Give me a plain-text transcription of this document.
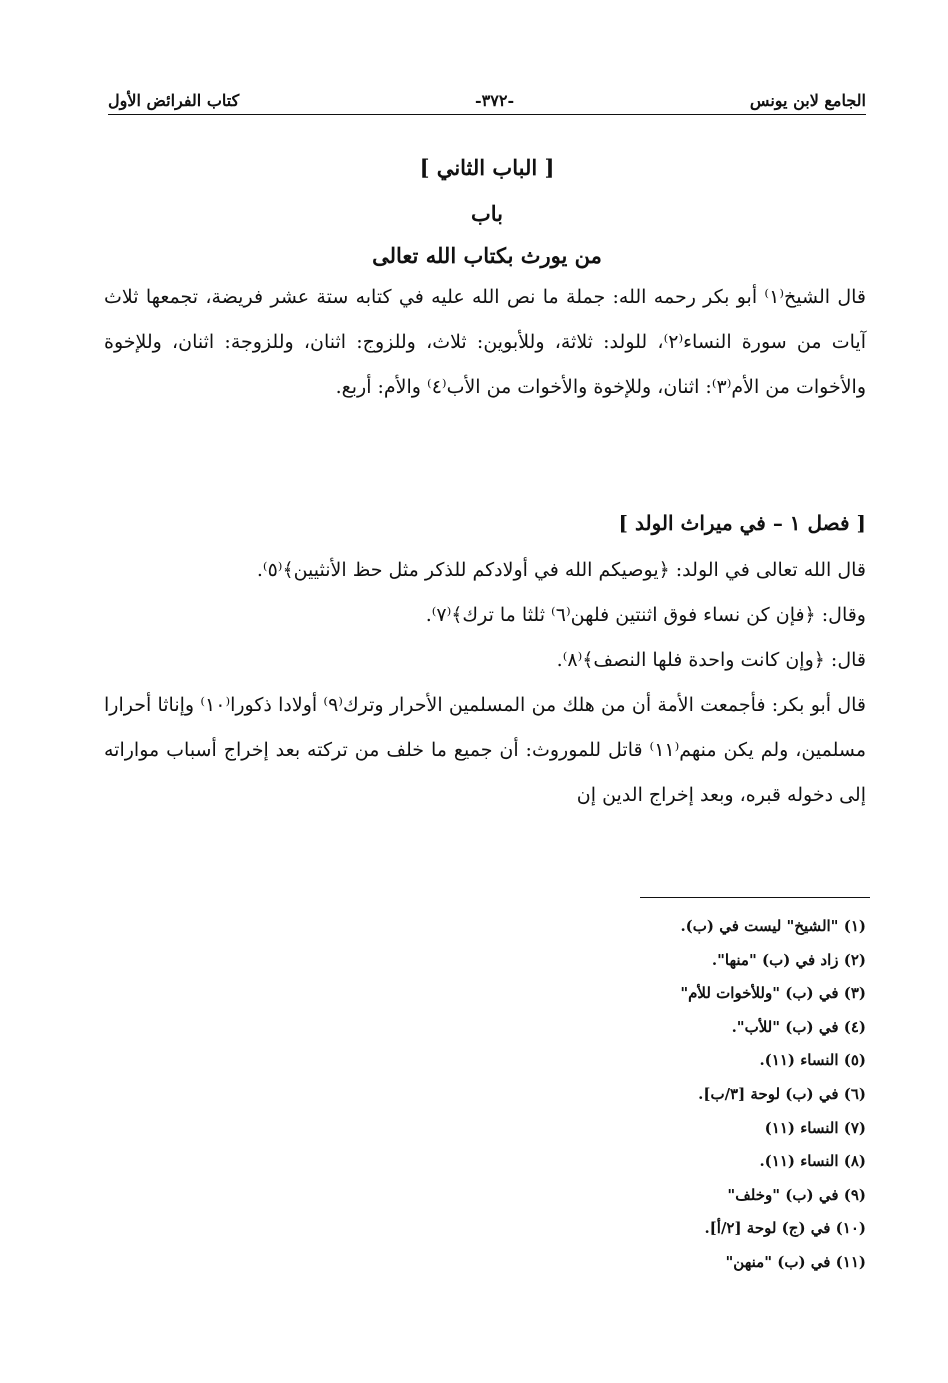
الجامع لابن يونس
-٣٧٢-
كتاب الفرائض الأول
[ الباب الثاني ]
باب
من يورث بكتاب الله تعالى

قال الشيخ⁽١⁾ أبو بكر رحمه الله: جملة ما نص الله عليه في كتابه ستة عشر فريضة، تجمعها ثلاث آيات من سورة النساء⁽٢⁾، للولد: ثلاثة، وللأبوين: ثلاث، وللزوج: اثنان، وللزوجة: اثنان، وللإخوة والأخوات من الأم⁽٣⁾: اثنان، وللإخوة والأخوات من الأب⁽٤⁾ والأم: أربع.

[ فصل ١ – في ميراث الولد ]

قال الله تعالى في الولد: ﴿يوصيكم الله في أولادكم للذكر مثل حظ الأنثيين﴾⁽٥⁾.

وقال: ﴿فإن كن نساء فوق اثنتين فلهن⁽٦⁾ ثلثا ما ترك﴾⁽٧⁾.

قال: ﴿وإن كانت واحدة فلها النصف﴾⁽٨⁾.

قال أبو بكر: فأجمعت الأمة أن من هلك من المسلمين الأحرار وترك⁽٩⁾ أولادا ذكورا⁽١٠⁾ وإناثا أحرارا مسلمين، ولم يكن منهم⁽١١⁾ قاتل للموروث: أن جميع ما خلف من تركته بعد إخراج أسباب مواراته إلى دخوله قبره، وبعد إخراج الدين إن

(١) "الشيخ" ليست في (ب).
(٢) زاد في (ب) "منها".
(٣) في (ب) "وللأخوات للأم"
(٤) في (ب) "للأب".
(٥) النساء (١١).
(٦) في (ب) لوحة [٣/ب].
(٧) النساء (١١)
(٨) النساء (١١).
(٩) في (ب) "وخلف"
(١٠) في (ج) لوحة [٢/أ].
(١١) في (ب) "منهن"
